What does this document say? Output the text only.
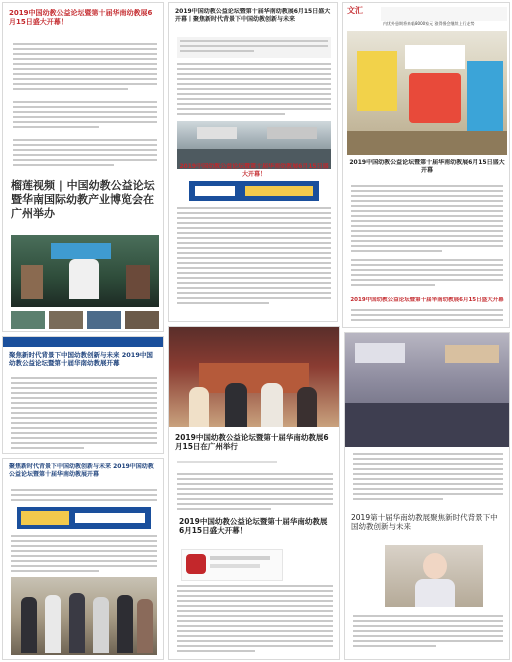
2019中国幼教公益论坛暨第十届华南幼教展6月15日盛大开幕！
榴莲视频 | 中国幼教公益论坛暨华南国际幼教产业博览会在广州举办
2019中国幼教公益论坛暨第十届华南幼教展6月15日盛大开幕丨聚焦新时代背景下中国幼教创新与未来
2019中国幼教公益论坛暨第十届华南幼教展6月15日盛大开幕！
文汇
内忧外患期将来临8000家元 涨得慢会继续上行走势
2019中国幼教公益论坛暨第十届华南幼教展6月15日盛大开幕
2019中国幼教公益论坛暨第十届华南幼教展6月15日盛大开幕
聚焦新时代背景下中国幼教创新与未来 2019中国幼教公益论坛暨第十届华南幼教展开幕
聚焦新时代背景下中国幼教创新与未来 2019中国幼教公益论坛暨第十届华南幼教展开幕
2019中国幼教公益论坛暨第十届华南幼教展6月15日在广州举行
2019中国幼教公益论坛暨第十届华南幼教展6月15日盛大开幕！
2019第十届华南幼教展聚焦新时代背景下中国幼教创新与未来
